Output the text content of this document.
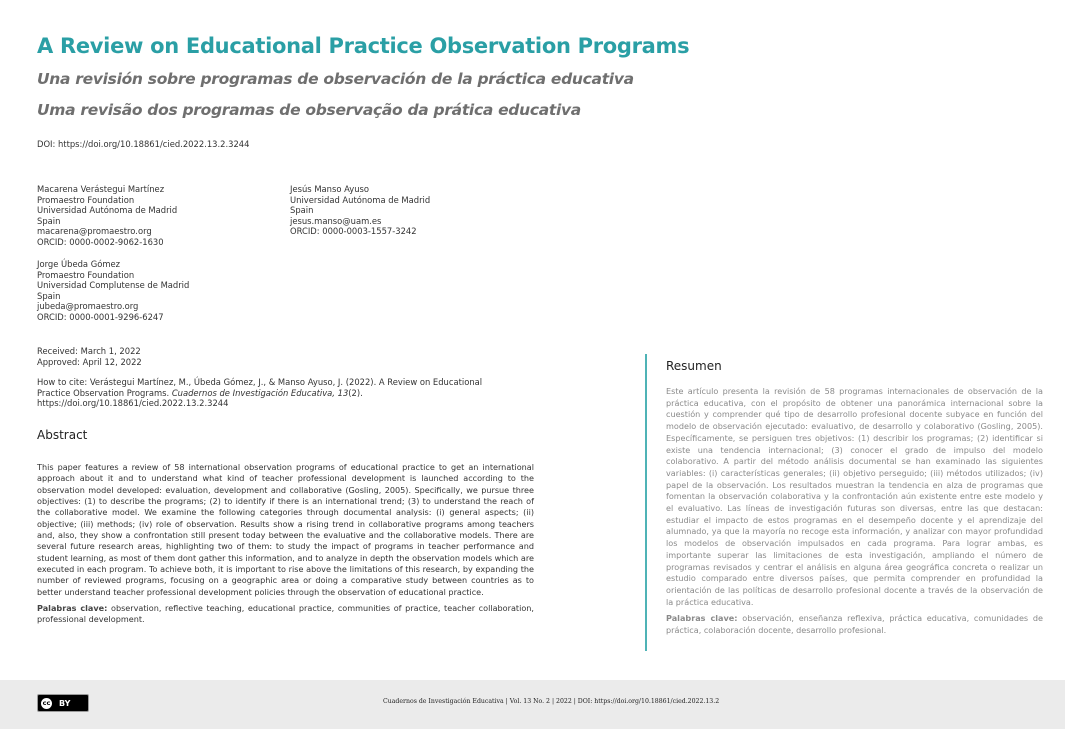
A Review on Educational Practice Observation Programs
Una revisión sobre programas de observación de la práctica educativa
Uma revisão dos programas de observação da prática educativa
DOI: https://doi.org/10.18861/cied.2022.13.2.3244
Macarena Verástegui Martínez
Promaestro Foundation
Universidad Autónoma de Madrid
Spain
macarena@promaestro.org
ORCID: 0000-0002-9062-1630
Jesús Manso Ayuso
Universidad Autónoma de Madrid
Spain
jesus.manso@uam.es
ORCID: 0000-0003-1557-3242
Jorge Úbeda Gómez
Promaestro Foundation
Universidad Complutense de Madrid
Spain
jubeda@promaestro.org
ORCID: 0000-0001-9296-6247
Received: March 1, 2022
Approved: April 12, 2022
How to cite: Verástegui Martínez, M., Úbeda Gómez, J., & Manso Ayuso, J. (2022). A Review on Educational Practice Observation Programs. Cuadernos de Investigación Educativa, 13(2). https://doi.org/10.18861/cied.2022.13.2.3244
Abstract

This paper features a review of 58 international observation programs of educational practice to get an international approach about it and to understand what kind of teacher professional development is launched according to the observation model developed: evaluation, development and collaborative (Gosling, 2005). Specifically, we pursue three objectives: (1) to describe the programs; (2) to identify if there is an international trend; (3) to understand the reach of the collaborative model. We examine the following categories through documental analysis: (i) general aspects; (ii) objective; (iii) methods; (iv) role of observation. Results show a rising trend in collaborative programs among teachers and, also, they show a confrontation still present today between the evaluative and the collaborative models. There are several future research areas, highlighting two of them: to study the impact of programs in teacher performance and student learning, as most of them dont gather this information, and to analyze in depth the observation models which are executed in each program. To achieve both, it is important to rise above the limitations of this research, by expanding the number of reviewed programs, focusing on a geographic area or doing a comparative study between countries as to better understand teacher professional development policies through the observation of educational practice.

Palabras clave: observation, reflective teaching, educational practice, communities of practice, teacher collaboration, professional development.

Resumen

Este artículo presenta la revisión de 58 programas internacionales de observación de la práctica educativa, con el propósito de obtener una panorámica internacional sobre la cuestión y comprender qué tipo de desarrollo profesional docente subyace en función del modelo de observación ejecutado: evaluativo, de desarrollo y colaborativo (Gosling, 2005). Específicamente, se persiguen tres objetivos: (1) describir los programas; (2) identificar si existe una tendencia internacional; (3) conocer el grado de impulso del modelo colaborativo. A partir del método análisis documental se han examinado las siguientes variables: (i) características generales; (ii) objetivo perseguido; (iii) métodos utilizados; (iv) papel de la observación. Los resultados muestran la tendencia en alza de programas que fomentan la observación colaborativa y la confrontación aún existente entre este modelo y el evaluativo. Las líneas de investigación futuras son diversas, entre las que destacan: estudiar el impacto de estos programas en el desempeño docente y el aprendizaje del alumnado, ya que la mayoría no recoge esta información, y analizar con mayor profundidad los modelos de observación impulsados en cada programa. Para lograr ambas, es importante superar las limitaciones de esta investigación, ampliando el número de programas revisados y centrar el análisis en alguna área geográfica concreta o realizar un estudio comparado entre diversos países, que permita comprender en profundidad la orientación de las políticas de desarrollo profesional docente a través de la observación de la práctica educativa.

Palabras clave: observación, enseñanza reflexiva, práctica educativa, comunidades de práctica, colaboración docente, desarrollo profesional.

cc BY	Cuadernos de Investigación Educativa | Vol. 13 No. 2 | 2022 | DOI: https://doi.org/10.18861/cied.2022.13.2
